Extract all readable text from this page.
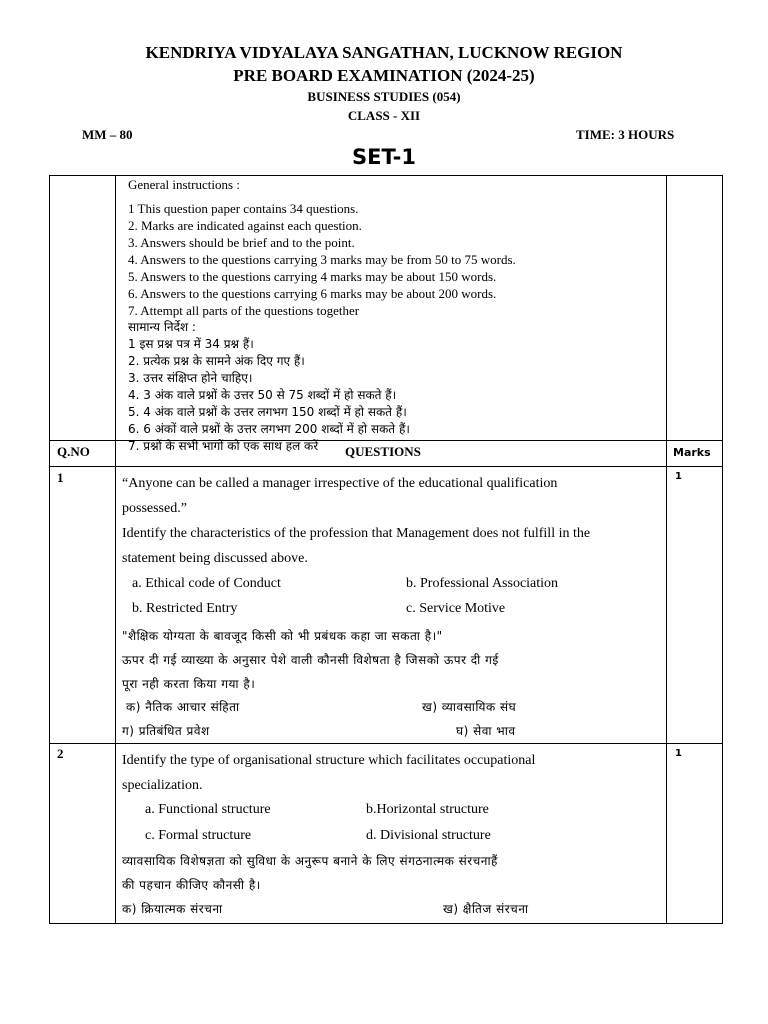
KENDRIYA VIDYALAYA SANGATHAN, LUCKNOW REGION
PRE BOARD EXAMINATION (2024-25)
BUSINESS STUDIES (054)
CLASS - XII
MM – 80	TIME: 3 HOURS
SET-1
General instructions :
1 This question paper contains 34 questions.
2. Marks are indicated against each question.
3. Answers should be brief and to the point.
4. Answers to the questions carrying 3 marks may be from 50 to 75 words.
5. Answers to the questions carrying 4 marks may be about 150 words.
6. Answers to the questions carrying 6 marks may be about 200 words.
7. Attempt all parts of the questions together
सामान्य निर्देश :
1 इस प्रश्न पत्र में 34 प्रश्न हैं।
2. प्रत्येक प्रश्न के सामने अंक दिए गए हैं।
3. उत्तर संक्षिप्त होने चाहिए।
4. 3 अंक वाले प्रश्नों के उत्तर 50 से 75 शब्दों में हो सकते हैं।
5. 4 अंक वाले प्रश्नों के उत्तर लगभग 150 शब्दों में हो सकते हैं।
6. 6 अंकों वाले प्रश्नों के उत्तर लगभग 200 शब्दों में हो सकते हैं।
7. प्रश्नों के सभी भागों को एक साथ हल करें
Q.NO	QUESTIONS	Marks
1	1
“Anyone can be called a manager irrespective of the educational qualification
possessed.”
Identify the characteristics of the profession that Management does not fulfill in the
statement being discussed above.
a. Ethical code of Conduct	b. Professional Association
b. Restricted Entry	c. Service Motive
"शैक्षिक योग्यता के बावजूद किसी को भी प्रबंधक कहा जा सकता है।"
ऊपर दी गई व्याख्या के अनुसार पेशे वाली कौनसी विशेषता है जिसको ऊपर दी गई
पूरा नही करता किया गया है।
क) नैतिक आचार संहिता	ख) व्यावसायिक संघ
ग) प्रतिबंधित प्रवेश	घ) सेवा भाव
2	1
Identify the type of organisational structure which facilitates occupational
specialization.
a. Functional structure	b.Horizontal structure
c. Formal structure	d. Divisional structure
व्यावसायिक विशेषज्ञता को सुविधा के अनुरूप बनाने के लिए संगठनात्मक संरचनाहैं
की पहचान कीजिए कौनसी है।
क) क्रियात्मक संरचना	ख) क्षैतिज संरचना
